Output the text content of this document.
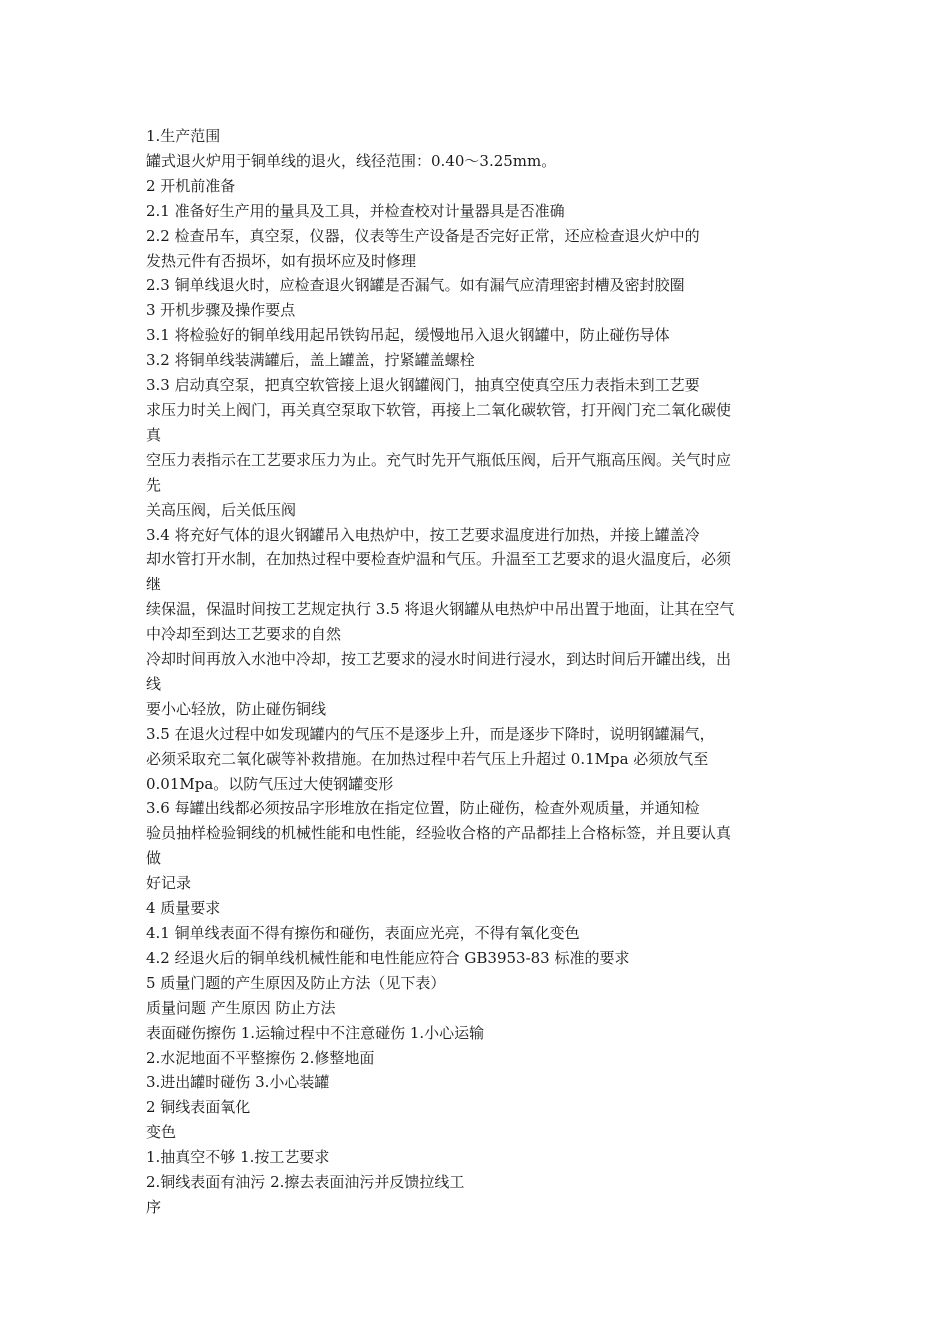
1.生产范围
罐式退火炉用于铜单线的退火，线径范围：0.40～3.25mm。
2 开机前准备
2.1 准备好生产用的量具及工具，并检查校对计量器具是否准确
2.2 检查吊车，真空泵，仪器，仪表等生产设备是否完好正常，还应检查退火炉中的
发热元件有否损坏，如有损坏应及时修理
2.3 铜单线退火时，应检查退火钢罐是否漏气。如有漏气应清理密封槽及密封胶圈
3 开机步骤及操作要点
3.1 将检验好的铜单线用起吊铁钩吊起，缓慢地吊入退火钢罐中，防止碰伤导体
3.2 将铜单线装满罐后，盖上罐盖，拧紧罐盖螺栓
3.3 启动真空泵，把真空软管接上退火钢罐阀门，抽真空使真空压力表指未到工艺要
求压力时关上阀门，再关真空泵取下软管，再接上二氧化碳软管，打开阀门充二氧化碳使
真
空压力表指示在工艺要求压力为止。充气时先开气瓶低压阀，后开气瓶高压阀。关气时应
先
关高压阀，后关低压阀
3.4 将充好气体的退火钢罐吊入电热炉中，按工艺要求温度进行加热，并接上罐盖冷
却水管打开水制，在加热过程中要检查炉温和气压。升温至工艺要求的退火温度后，必须
继
续保温，保温时间按工艺规定执行 3.5 将退火钢罐从电热炉中吊出置于地面，让其在空气
中冷却至到达工艺要求的自然
冷却时间再放入水池中冷却，按工艺要求的浸水时间进行浸水，到达时间后开罐出线，出
线
要小心轻放，防止碰伤铜线
3.5 在退火过程中如发现罐内的气压不是逐步上升，而是逐步下降时，说明钢罐漏气，
必须采取充二氧化碳等补救措施。在加热过程中若气压上升超过 0.1Mpa 必须放气至
0.01Mpa。以防气压过大使钢罐变形
3.6 每罐出线都必须按品字形堆放在指定位置，防止碰伤，检查外观质量，并通知检
验员抽样检验铜线的机械性能和电性能，经验收合格的产品都挂上合格标签，并且要认真
做
好记录
4 质量要求
4.1 铜单线表面不得有擦伤和碰伤，表面应光亮，不得有氧化变色
4.2 经退火后的铜单线机械性能和电性能应符合 GB3953-83 标准的要求
5 质量门题的产生原因及防止方法（见下表）
质量问题 产生原因 防止方法
表面碰伤擦伤 1.运输过程中不注意碰伤 1.小心运输
2.水泥地面不平整擦伤 2.修整地面
3.进出罐时碰伤 3.小心装罐
2 铜线表面氧化
变色
1.抽真空不够 1.按工艺要求
2.铜线表面有油污 2.擦去表面油污并反馈拉线工
序
